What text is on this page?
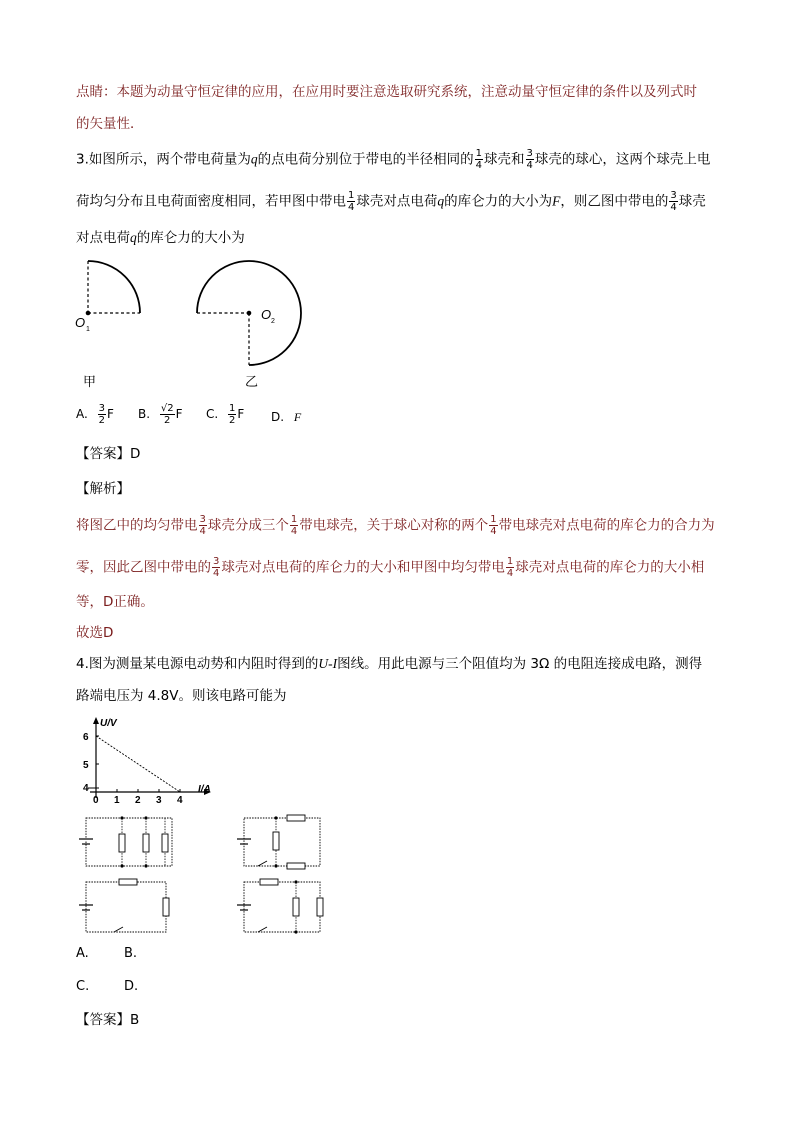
点睛：本题为动量守恒定律的应用，在应用时要注意选取研究系统，注意动量守恒定律的条件以及列式时
的矢量性．
3.如图所示，两个带电荷量为q的点电荷分别位于带电的半径相同的 $\frac{1}{4}$ 球壳和 $\frac{3}{4}$ 球壳的球心，这两个球壳上电
荷均匀分布且电荷面密度相同，若甲图中带电 $\frac{1}{4}$ 球壳对点电荷q的库仑力的大小为F，则乙图中带电的 $\frac{3}{4}$ 球壳
对点电荷q的库仑力的大小为
O 1
甲
O 2
乙
A. $\frac{3}{2}$ F B. $\frac{√2}{2}$ F C. $\frac{1}{2}$ F D. F
【答案】D
【解析】
将图乙中的均匀带电 $\frac{3}{4}$ 球壳分成三个 $\frac{1}{4}$ 带电球壳，关于球心对称的两个 $\frac{1}{4}$ 带电球壳对点电荷的库仑力的合力为
零，因此乙图中带电的 $\frac{3}{4}$ 球壳对点电荷的库仑力的大小和甲图中均匀带电 $\frac{1}{4}$ 球壳对点电荷的库仑力的大小相
等，D正确。
故选D
4.图为测量某电源电动势和内阻时得到的U-I图线。用此电源与三个阻值均为 3Ω 的电阻连接成电路，测得
路端电压为 4.8V。则该电路可能为
U/V
I/A
0 1 2 3 4
4
5
6
A.	B.
C.	D.
【答案】B
